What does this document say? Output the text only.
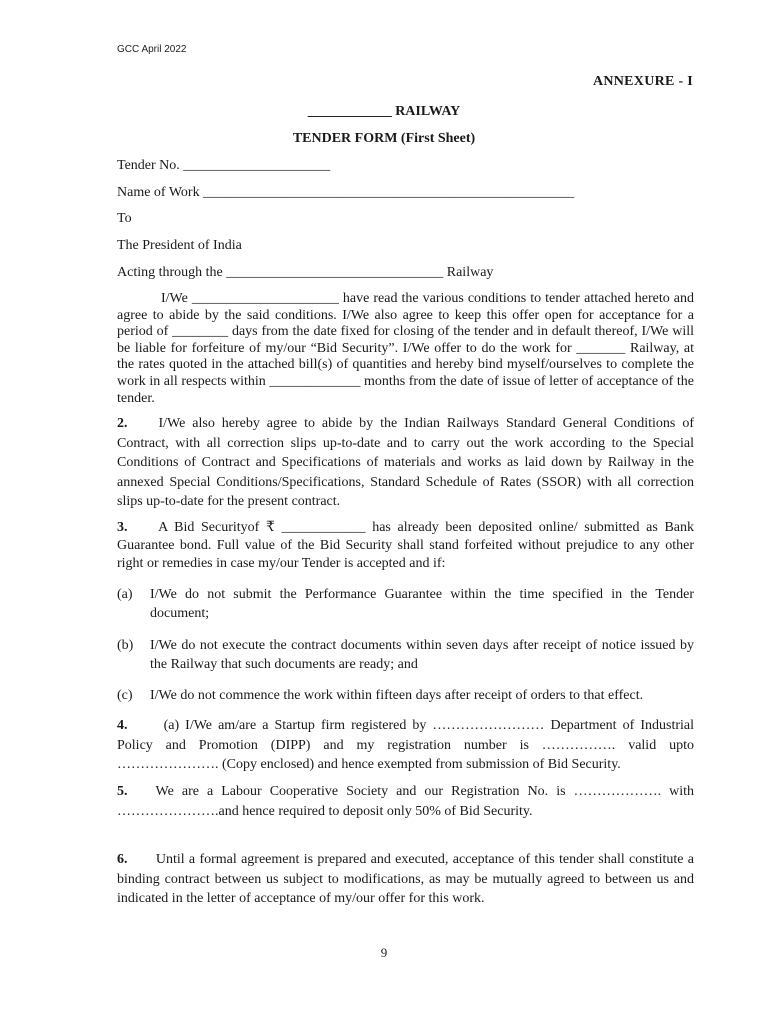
GCC April 2022
ANNEXURE - I
____________ RAILWAY
TENDER FORM (First Sheet)
Tender No. _____________________
Name of Work _____________________________________________________
To
The President of India
Acting through the _______________________________ Railway
I/We _____________________ have read the various conditions to tender attached hereto and agree to abide by the said conditions. I/We also agree to keep this offer open for acceptance for a period of ________ days from the date fixed for closing of the tender and in default thereof, I/We will be liable for forfeiture of my/our “Bid Security”. I/We offer to do the work for _______ Railway, at the rates quoted in the attached bill(s) of quantities and hereby bind myself/ourselves to complete the work in all respects within _____________ months from the date of issue of letter of acceptance of the tender.
2. I/We also hereby agree to abide by the Indian Railways Standard General Conditions of Contract, with all correction slips up-to-date and to carry out the work according to the Special Conditions of Contract and Specifications of materials and works as laid down by Railway in the annexed Special Conditions/Specifications, Standard Schedule of Rates (SSOR) with all correction slips up-to-date for the present contract.
3. A Bid Securityof ₹ ____________ has already been deposited online/ submitted as Bank Guarantee bond. Full value of the Bid Security shall stand forfeited without prejudice to any other right or remedies in case my/our Tender is accepted and if:
(a) I/We do not submit the Performance Guarantee within the time specified in the Tender document;
(b) I/We do not execute the contract documents within seven days after receipt of notice issued by the Railway that such documents are ready; and
(c) I/We do not commence the work within fifteen days after receipt of orders to that effect.
4.	(a) I/We am/are a Startup firm registered by …………………… Department of Industrial Policy and Promotion (DIPP) and my registration number is ……………. valid upto …………………. (Copy enclosed) and hence exempted from submission of Bid Security.
5. We are a Labour Cooperative Society and our Registration No. is ………………. with ………………….and hence required to deposit only 50% of Bid Security.
6. Until a formal agreement is prepared and executed, acceptance of this tender shall constitute a binding contract between us subject to modifications, as may be mutually agreed to between us and indicated in the letter of acceptance of my/our offer for this work.
9
